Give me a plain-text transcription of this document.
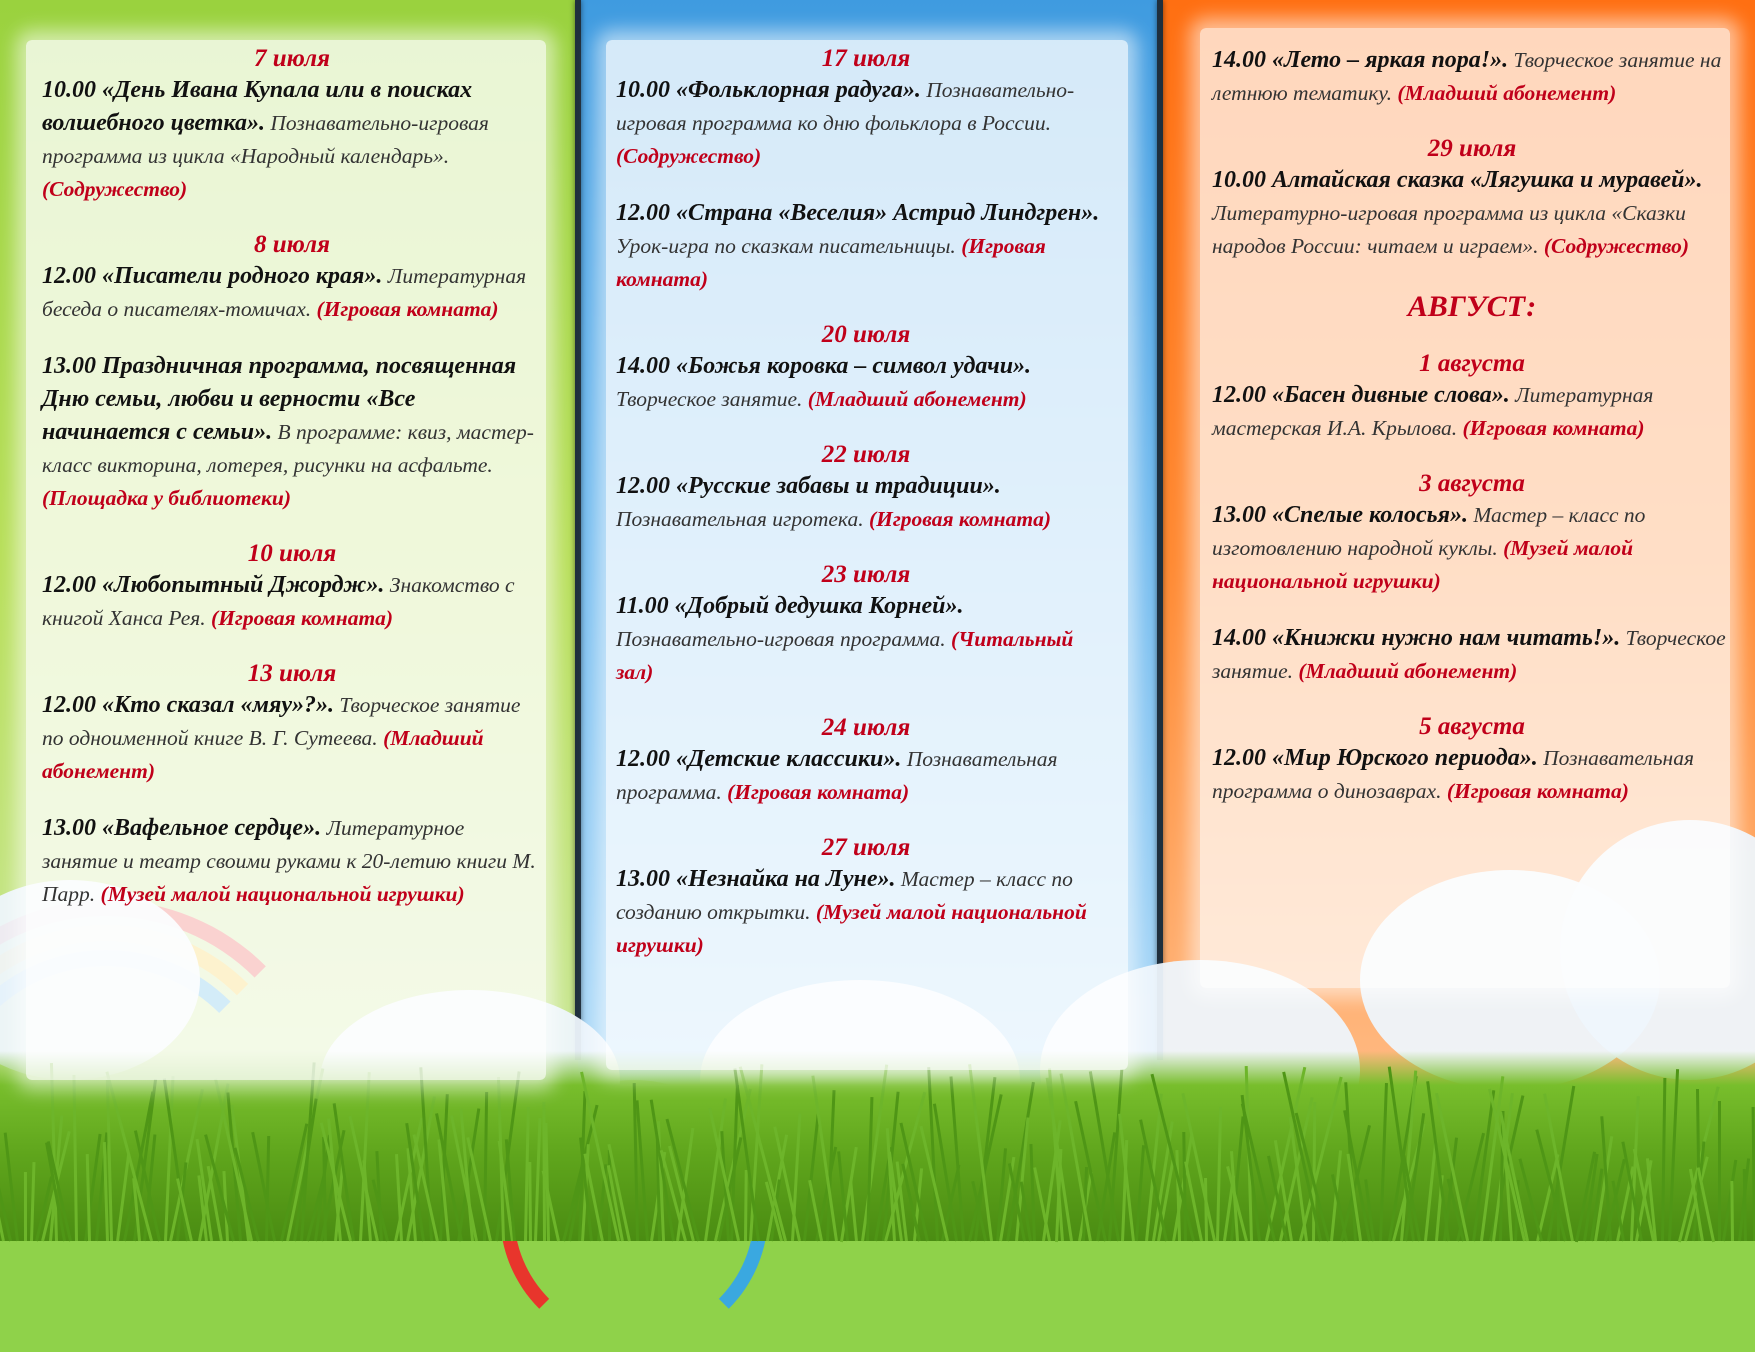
7 июля

10.00 «День Ивана Купала или в поисках волшебного цветка». Познавательно-игровая программа из цикла «Народный календарь». (Содружество)

8 июля

12.00 «Писатели родного края». Литературная беседа о писателях-томичах. (Игровая комната)

13.00 Праздничная программа, посвященная Дню семьи, любви и верности «Все начинается с семьи». В программе: квиз, мастер-класс викторина, лотерея, рисунки на асфальте. (Площадка у библиотеки)

10 июля

12.00 «Любопытный Джордж». Знакомство с книгой Ханса Рея. (Игровая комната)

13 июля

12.00 «Кто сказал «мяу»?». Творческое занятие по одноименной книге В. Г. Сутеева. (Младший абонемент)

13.00 «Вафельное сердце». Литературное занятие и театр своими руками к 20-летию книги М. Парр. (Музей малой национальной игрушки)

17 июля

10.00 «Фольклорная радуга». Познавательно-игровая программа ко дню фольклора в России. (Содружество)

12.00 «Страна «Веселия» Астрид Линдгрен». Урок-игра по сказкам писательницы. (Игровая комната)

20 июля

14.00 «Божья коровка – символ удачи». Творческое занятие. (Младший абонемент)

22 июля

12.00 «Русские забавы и традиции». Познавательная игротека. (Игровая комната)

23 июля

11.00 «Добрый дедушка Корней». Познавательно-игровая программа. (Читальный зал)

24 июля

12.00 «Детские классики». Познавательная программа. (Игровая комната)

27 июля

13.00 «Незнайка на Луне». Мастер – класс по созданию открытки. (Музей малой национальной игрушки)

14.00 «Лето – яркая пора!». Творческое занятие на летнюю тематику. (Младший абонемент)

29 июля

10.00 Алтайская сказка «Лягушка и муравей». Литературно-игровая программа из цикла «Сказки народов России: читаем и играем». (Содружество)

АВГУСТ:
1 августа

12.00 «Басен дивные слова». Литературная мастерская И.А. Крылова. (Игровая комната)

3 августа

13.00 «Спелые колосья». Мастер – класс по изготовлению народной куклы. (Музей малой национальной игрушки)

14.00 «Книжки нужно нам читать!». Творческое занятие. (Младший абонемент)

5 августа

12.00 «Мир Юрского периода». Познавательная программа о динозаврах. (Игровая комната)
